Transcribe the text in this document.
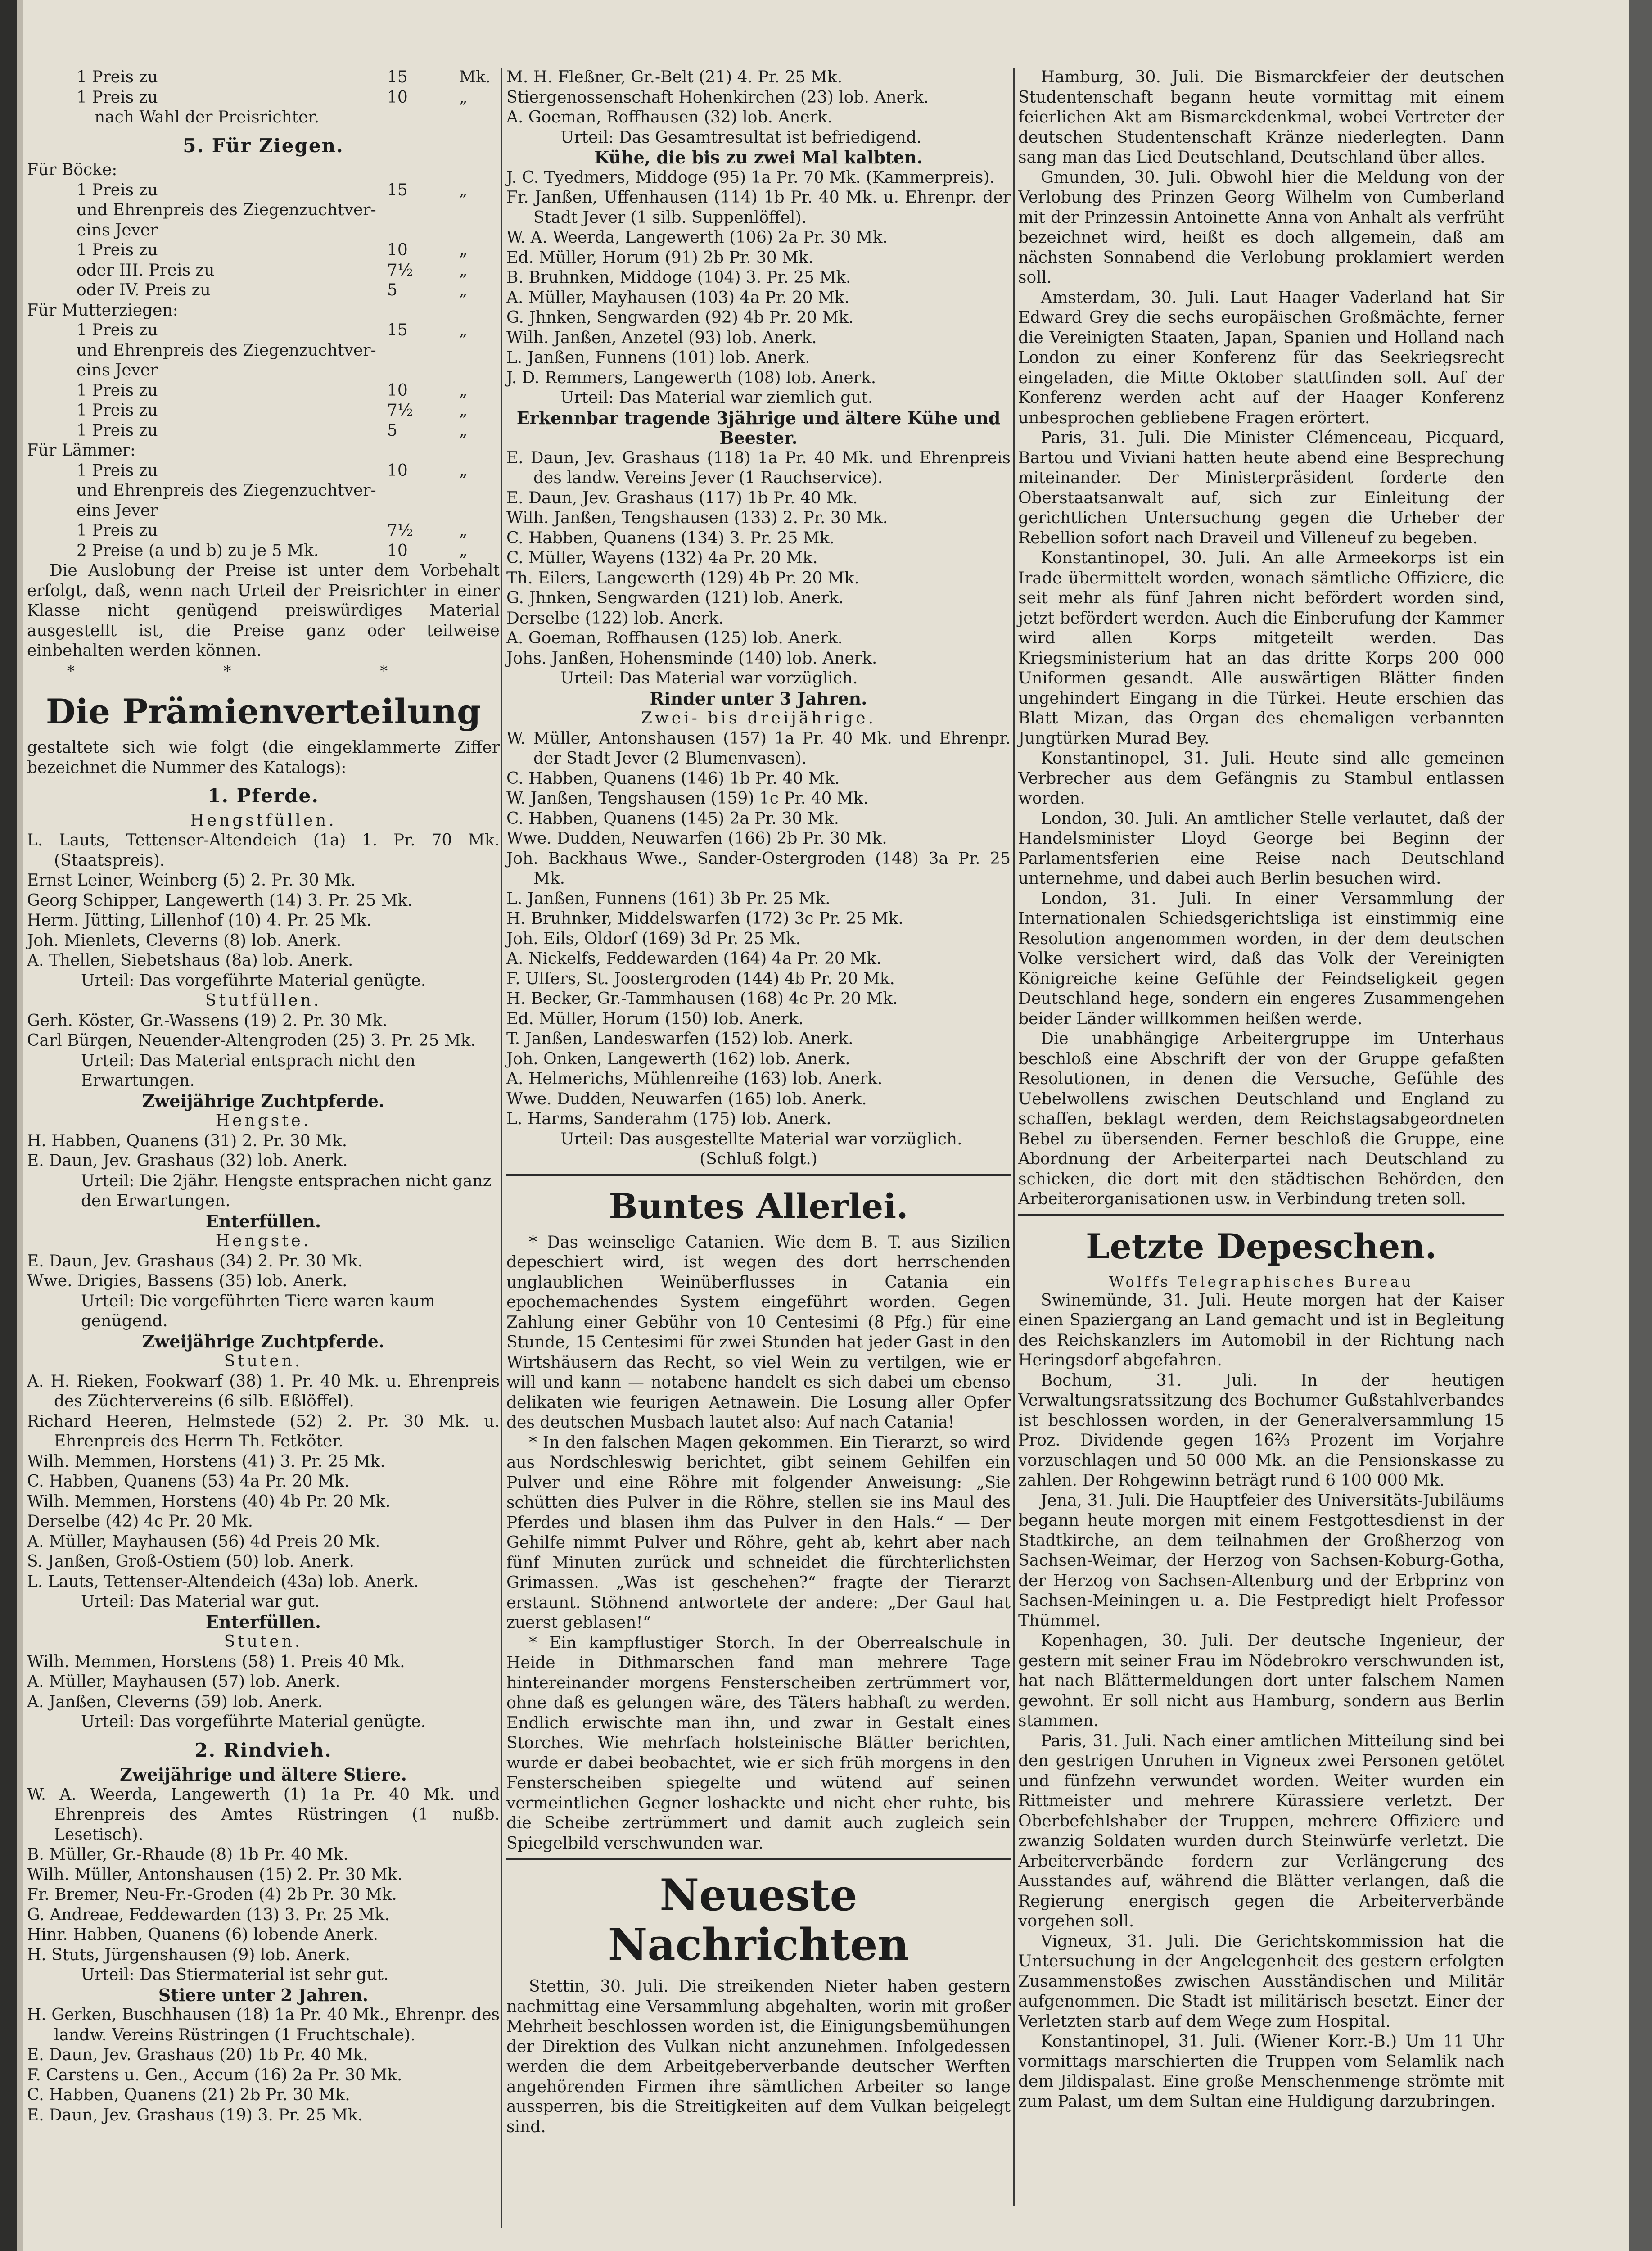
1 Preis zu	15	Mk.
1 Preis zu	10	„
nach Wahl der Preisrichter.
5. Für Ziegen.
Für Böcke:
1 Preis zu	15	„
und Ehrenpreis des Ziegenzuchtver-
eins Jever
1 Preis zu	10	„
oder III. Preis zu	7½	„
oder IV. Preis zu	5	„
Für Mutterziegen:
1 Preis zu	15	„
und Ehrenpreis des Ziegenzuchtver-
eins Jever
1 Preis zu	10	„
1 Preis zu	7½	„
1 Preis zu	5	„
Für Lämmer:
1 Preis zu	10	„
und Ehrenpreis des Ziegenzuchtver-
eins Jever
1 Preis zu	7½	„
2 Preise (a und b) zu je 5 Mk.	10	„

Die Auslobung der Preise ist unter dem Vorbehalt erfolgt, daß, wenn nach Urteil der Preisrichter in einer Klasse nicht genügend preiswürdiges Material ausgestellt ist, die Preise ganz oder teilweise einbehalten werden können.

* * *
Die Prämienverteilung

gestaltete sich wie folgt (die eingeklammerte Ziffer bezeichnet die Nummer des Katalogs):

1. Pferde.
Hengstfüllen.

L. Lauts, Tettenser-Altendeich (1a) 1. Pr. 70 Mk. (Staatspreis).

Ernst Leiner, Weinberg (5) 2. Pr. 30 Mk.

Georg Schipper, Langewerth (14) 3. Pr. 25 Mk.

Herm. Jütting, Lillenhof (10) 4. Pr. 25 Mk.

Joh. Mienlets, Cleverns (8) lob. Anerk.

A. Thellen, Siebetshaus (8a) lob. Anerk.

Urteil: Das vorgeführte Material genügte.

Stutfüllen.

Gerh. Köster, Gr.-Wassens (19) 2. Pr. 30 Mk.

Carl Bürgen, Neuender-Altengroden (25) 3. Pr. 25 Mk.

Urteil: Das Material entsprach nicht den Erwartungen.

Zweijährige Zuchtpferde.
Hengste.

H. Habben, Quanens (31) 2. Pr. 30 Mk.

E. Daun, Jev. Grashaus (32) lob. Anerk.

Urteil: Die 2jähr. Hengste entsprachen nicht ganz den Erwartungen.

Enterfüllen.
Hengste.

E. Daun, Jev. Grashaus (34) 2. Pr. 30 Mk.

Wwe. Drigies, Bassens (35) lob. Anerk.

Urteil: Die vorgeführten Tiere waren kaum genügend.

Zweijährige Zuchtpferde.
Stuten.

A. H. Rieken, Fookwarf (38) 1. Pr. 40 Mk. u. Ehrenpreis des Züchtervereins (6 silb. Eßlöffel).

Richard Heeren, Helmstede (52) 2. Pr. 30 Mk. u. Ehrenpreis des Herrn Th. Fetköter.

Wilh. Memmen, Horstens (41) 3. Pr. 25 Mk.

C. Habben, Quanens (53) 4a Pr. 20 Mk.

Wilh. Memmen, Horstens (40) 4b Pr. 20 Mk.

Derselbe (42) 4c Pr. 20 Mk.

A. Müller, Mayhausen (56) 4d Preis 20 Mk.

S. Janßen, Groß-Ostiem (50) lob. Anerk.

L. Lauts, Tettenser-Altendeich (43a) lob. Anerk.

Urteil: Das Material war gut.

Enterfüllen.
Stuten.

Wilh. Memmen, Horstens (58) 1. Preis 40 Mk.

A. Müller, Mayhausen (57) lob. Anerk.

A. Janßen, Cleverns (59) lob. Anerk.

Urteil: Das vorgeführte Material genügte.

2. Rindvieh.
Zweijährige und ältere Stiere.

W. A. Weerda, Langewerth (1) 1a Pr. 40 Mk. und Ehrenpreis des Amtes Rüstringen (1 nußb. Lesetisch).

B. Müller, Gr.-Rhaude (8) 1b Pr. 40 Mk.

Wilh. Müller, Antonshausen (15) 2. Pr. 30 Mk.

Fr. Bremer, Neu-Fr.-Groden (4) 2b Pr. 30 Mk.

G. Andreae, Feddewarden (13) 3. Pr. 25 Mk.

Hinr. Habben, Quanens (6) lobende Anerk.

H. Stuts, Jürgenshausen (9) lob. Anerk.

Urteil: Das Stiermaterial ist sehr gut.

Stiere unter 2 Jahren.

H. Gerken, Buschhausen (18) 1a Pr. 40 Mk., Ehrenpr. des landw. Vereins Rüstringen (1 Fruchtschale).

E. Daun, Jev. Grashaus (20) 1b Pr. 40 Mk.

F. Carstens u. Gen., Accum (16) 2a Pr. 30 Mk.

C. Habben, Quanens (21) 2b Pr. 30 Mk.

E. Daun, Jev. Grashaus (19) 3. Pr. 25 Mk.

M. H. Fleßner, Gr.-Belt (21) 4. Pr. 25 Mk.

Stiergenossenschaft Hohenkirchen (23) lob. Anerk.

A. Goeman, Roffhausen (32) lob. Anerk.

Urteil: Das Gesamtresultat ist befriedigend.

Kühe, die bis zu zwei Mal kalbten.

J. C. Tyedmers, Middoge (95) 1a Pr. 70 Mk. (Kammerpreis).

Fr. Janßen, Uffenhausen (114) 1b Pr. 40 Mk. u. Ehrenpr. der Stadt Jever (1 silb. Suppenlöffel).

W. A. Weerda, Langewerth (106) 2a Pr. 30 Mk.

Ed. Müller, Horum (91) 2b Pr. 30 Mk.

B. Bruhnken, Middoge (104) 3. Pr. 25 Mk.

A. Müller, Mayhausen (103) 4a Pr. 20 Mk.

G. Jhnken, Sengwarden (92) 4b Pr. 20 Mk.

Wilh. Janßen, Anzetel (93) lob. Anerk.

L. Janßen, Funnens (101) lob. Anerk.

J. D. Remmers, Langewerth (108) lob. Anerk.

Urteil: Das Material war ziemlich gut.

Erkennbar tragende 3jährige und ältere Kühe und Beester.

E. Daun, Jev. Grashaus (118) 1a Pr. 40 Mk. und Ehrenpreis des landw. Vereins Jever (1 Rauchservice).

E. Daun, Jev. Grashaus (117) 1b Pr. 40 Mk.

Wilh. Janßen, Tengshausen (133) 2. Pr. 30 Mk.

C. Habben, Quanens (134) 3. Pr. 25 Mk.

C. Müller, Wayens (132) 4a Pr. 20 Mk.

Th. Eilers, Langewerth (129) 4b Pr. 20 Mk.

G. Jhnken, Sengwarden (121) lob. Anerk.

Derselbe (122) lob. Anerk.

A. Goeman, Roffhausen (125) lob. Anerk.

Johs. Janßen, Hohensminde (140) lob. Anerk.

Urteil: Das Material war vorzüglich.

Rinder unter 3 Jahren.
Zwei- bis dreijährige.

W. Müller, Antonshausen (157) 1a Pr. 40 Mk. und Ehrenpr. der Stadt Jever (2 Blumenvasen).

C. Habben, Quanens (146) 1b Pr. 40 Mk.

W. Janßen, Tengshausen (159) 1c Pr. 40 Mk.

C. Habben, Quanens (145) 2a Pr. 30 Mk.

Wwe. Dudden, Neuwarfen (166) 2b Pr. 30 Mk.

Joh. Backhaus Wwe., Sander-Ostergroden (148) 3a Pr. 25 Mk.

L. Janßen, Funnens (161) 3b Pr. 25 Mk.

H. Bruhnker, Middelswarfen (172) 3c Pr. 25 Mk.

Joh. Eils, Oldorf (169) 3d Pr. 25 Mk.

A. Nickelfs, Feddewarden (164) 4a Pr. 20 Mk.

F. Ulfers, St. Joostergroden (144) 4b Pr. 20 Mk.

H. Becker, Gr.-Tammhausen (168) 4c Pr. 20 Mk.

Ed. Müller, Horum (150) lob. Anerk.

T. Janßen, Landeswarfen (152) lob. Anerk.

Joh. Onken, Langewerth (162) lob. Anerk.

A. Helmerichs, Mühlenreihe (163) lob. Anerk.

Wwe. Dudden, Neuwarfen (165) lob. Anerk.

L. Harms, Sanderahm (175) lob. Anerk.

Urteil: Das ausgestellte Material war vorzüglich.

(Schluß folgt.)
Buntes Allerlei.

* Das weinselige Catanien. Wie dem B. T. aus Sizilien depeschiert wird, ist wegen des dort herrschenden unglaublichen Weinüberflusses in Catania ein epochemachendes System eingeführt worden. Gegen Zahlung einer Gebühr von 10 Centesimi (8 Pfg.) für eine Stunde, 15 Centesimi für zwei Stunden hat jeder Gast in den Wirtshäusern das Recht, so viel Wein zu vertilgen, wie er will und kann — notabene handelt es sich dabei um ebenso delikaten wie feurigen Aetnawein. Die Losung aller Opfer des deutschen Musbach lautet also: Auf nach Catania!

* In den falschen Magen gekommen. Ein Tierarzt, so wird aus Nordschleswig berichtet, gibt seinem Gehilfen ein Pulver und eine Röhre mit folgender Anweisung: „Sie schütten dies Pulver in die Röhre, stellen sie ins Maul des Pferdes und blasen ihm das Pulver in den Hals.“ — Der Gehilfe nimmt Pulver und Röhre, geht ab, kehrt aber nach fünf Minuten zurück und schneidet die fürchterlichsten Grimassen. „Was ist geschehen?“ fragte der Tierarzt erstaunt. Stöhnend antwortete der andere: „Der Gaul hat zuerst geblasen!“

* Ein kampflustiger Storch. In der Oberrealschule in Heide in Dithmarschen fand man mehrere Tage hintereinander morgens Fensterscheiben zertrümmert vor, ohne daß es gelungen wäre, des Täters habhaft zu werden. Endlich erwischte man ihn, und zwar in Gestalt eines Storches. Wie mehrfach holsteinische Blätter berichten, wurde er dabei beobachtet, wie er sich früh morgens in den Fensterscheiben spiegelte und wütend auf seinen vermeintlichen Gegner loshackte und nicht eher ruhte, bis die Scheibe zertrümmert und damit auch zugleich sein Spiegelbild verschwunden war.

Neueste Nachrichten

Stettin, 30. Juli. Die streikenden Nieter haben gestern nachmittag eine Versammlung abgehalten, worin mit großer Mehrheit beschlossen worden ist, die Einigungsbemühungen der Direktion des Vulkan nicht anzunehmen. Infolgedessen werden die dem Arbeitgeberverbande deutscher Werften angehörenden Firmen ihre sämtlichen Arbeiter so lange aussperren, bis die Streitigkeiten auf dem Vulkan beigelegt sind.

Hamburg, 30. Juli. Die Bismarckfeier der deutschen Studentenschaft begann heute vormittag mit einem feierlichen Akt am Bismarckdenkmal, wobei Vertreter der deutschen Studentenschaft Kränze niederlegten. Dann sang man das Lied Deutschland, Deutschland über alles.

Gmunden, 30. Juli. Obwohl hier die Meldung von der Verlobung des Prinzen Georg Wilhelm von Cumberland mit der Prinzessin Antoinette Anna von Anhalt als verfrüht bezeichnet wird, heißt es doch allgemein, daß am nächsten Sonnabend die Verlobung proklamiert werden soll.

Amsterdam, 30. Juli. Laut Haager Vaderland hat Sir Edward Grey die sechs europäischen Großmächte, ferner die Vereinigten Staaten, Japan, Spanien und Holland nach London zu einer Konferenz für das Seekriegsrecht eingeladen, die Mitte Oktober stattfinden soll. Auf der Konferenz werden acht auf der Haager Konferenz unbesprochen gebliebene Fragen erörtert.

Paris, 31. Juli. Die Minister Clémenceau, Picquard, Bartou und Viviani hatten heute abend eine Besprechung miteinander. Der Ministerpräsident forderte den Oberstaatsanwalt auf, sich zur Einleitung der gerichtlichen Untersuchung gegen die Urheber der Rebellion sofort nach Draveil und Villeneuf zu begeben.

Konstantinopel, 30. Juli. An alle Armeekorps ist ein Irade übermittelt worden, wonach sämtliche Offiziere, die seit mehr als fünf Jahren nicht befördert worden sind, jetzt befördert werden. Auch die Einberufung der Kammer wird allen Korps mitgeteilt werden. Das Kriegsministerium hat an das dritte Korps 200 000 Uniformen gesandt. Alle auswärtigen Blätter finden ungehindert Eingang in die Türkei. Heute erschien das Blatt Mizan, das Organ des ehemaligen verbannten Jungtürken Murad Bey.

Konstantinopel, 31. Juli. Heute sind alle gemeinen Verbrecher aus dem Gefängnis zu Stambul entlassen worden.

London, 30. Juli. An amtlicher Stelle verlautet, daß der Handelsminister Lloyd George bei Beginn der Parlamentsferien eine Reise nach Deutschland unternehme, und dabei auch Berlin besuchen wird.

London, 31. Juli. In einer Versammlung der Internationalen Schiedsgerichtsliga ist einstimmig eine Resolution angenommen worden, in der dem deutschen Volke versichert wird, daß das Volk der Vereinigten Königreiche keine Gefühle der Feindseligkeit gegen Deutschland hege, sondern ein engeres Zusammengehen beider Länder willkommen heißen werde.

Die unabhängige Arbeitergruppe im Unterhaus beschloß eine Abschrift der von der Gruppe gefaßten Resolutionen, in denen die Versuche, Gefühle des Uebelwollens zwischen Deutschland und England zu schaffen, beklagt werden, dem Reichstagsabgeordneten Bebel zu übersenden. Ferner beschloß die Gruppe, eine Abordnung der Arbeiterpartei nach Deutschland zu schicken, die dort mit den städtischen Behörden, den Arbeiterorganisationen usw. in Verbindung treten soll.

Letzte Depeschen.
Wolffs Telegraphisches Bureau

Swinemünde, 31. Juli. Heute morgen hat der Kaiser einen Spaziergang an Land gemacht und ist in Begleitung des Reichskanzlers im Automobil in der Richtung nach Heringsdorf abgefahren.

Bochum, 31. Juli. In der heutigen Verwaltungsratssitzung des Bochumer Gußstahlverbandes ist beschlossen worden, in der Generalversammlung 15 Proz. Dividende gegen 16⅔ Prozent im Vorjahre vorzuschlagen und 50 000 Mk. an die Pensionskasse zu zahlen. Der Rohgewinn beträgt rund 6 100 000 Mk.

Jena, 31. Juli. Die Hauptfeier des Universitäts-Jubiläums begann heute morgen mit einem Festgottesdienst in der Stadtkirche, an dem teilnahmen der Großherzog von Sachsen-Weimar, der Herzog von Sachsen-Koburg-Gotha, der Herzog von Sachsen-Altenburg und der Erbprinz von Sachsen-Meiningen u. a. Die Festpredigt hielt Professor Thümmel.

Kopenhagen, 30. Juli. Der deutsche Ingenieur, der gestern mit seiner Frau im Nödebrokro verschwunden ist, hat nach Blättermeldungen dort unter falschem Namen gewohnt. Er soll nicht aus Hamburg, sondern aus Berlin stammen.

Paris, 31. Juli. Nach einer amtlichen Mitteilung sind bei den gestrigen Unruhen in Vigneux zwei Personen getötet und fünfzehn verwundet worden. Weiter wurden ein Rittmeister und mehrere Kürassiere verletzt. Der Oberbefehlshaber der Truppen, mehrere Offiziere und zwanzig Soldaten wurden durch Steinwürfe verletzt. Die Arbeiterverbände fordern zur Verlängerung des Ausstandes auf, während die Blätter verlangen, daß die Regierung energisch gegen die Arbeiterverbände vorgehen soll.

Vigneux, 31. Juli. Die Gerichtskommission hat die Untersuchung in der Angelegenheit des gestern erfolgten Zusammenstoßes zwischen Ausständischen und Militär aufgenommen. Die Stadt ist militärisch besetzt. Einer der Verletzten starb auf dem Wege zum Hospital.

Konstantinopel, 31. Juli. (Wiener Korr.-B.) Um 11 Uhr vormittags marschierten die Truppen vom Selamlik nach dem Jildispalast. Eine große Menschenmenge strömte mit zum Palast, um dem Sultan eine Huldigung darzubringen.
